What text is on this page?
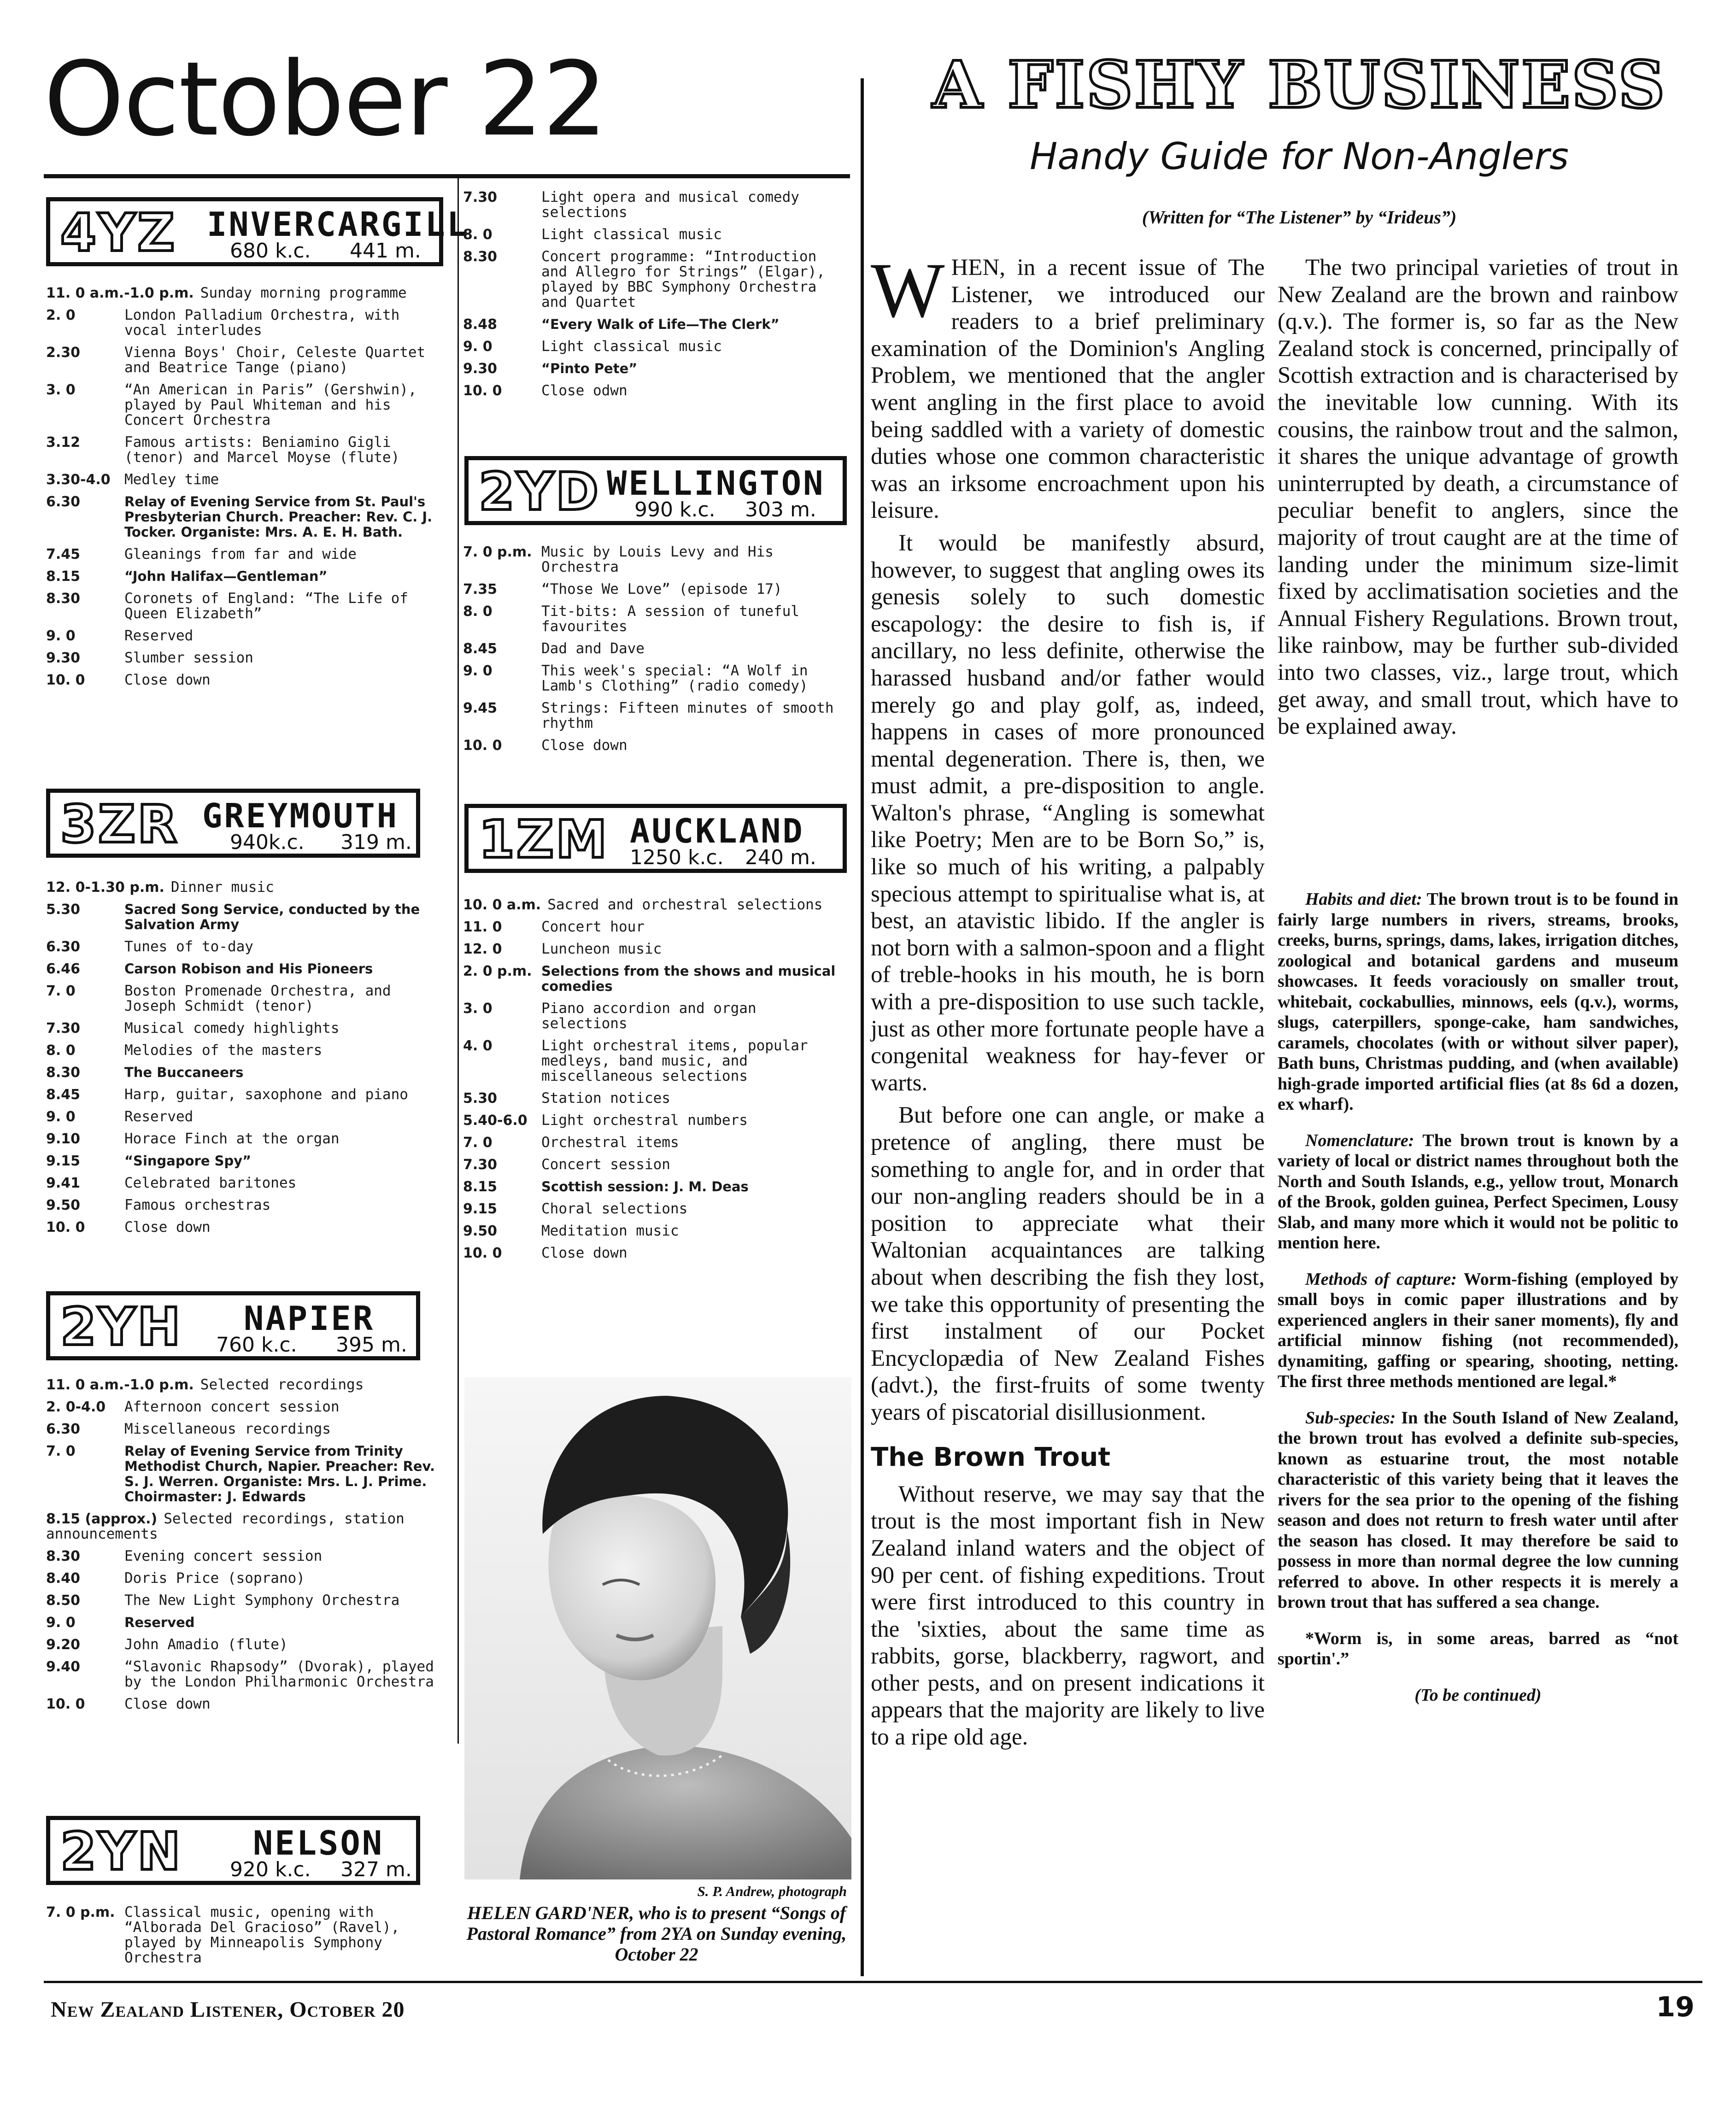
October 22
4YZ INVERCARGILL
680 k.c. 441 m.
11. 0 a.m.-1.0 p.m. Sunday morning programme
2. 0	London Palladium Orchestra, with vocal interludes
2.30	Vienna Boys' Choir, Celeste Quartet and Beatrice Tange (piano)
3. 0	“An American in Paris” (Gershwin), played by Paul Whiteman and his Concert Orchestra
3.12	Famous artists: Beniamino Gigli (tenor) and Marcel Moyse (flute)
3.30-4.0 Medley time
6.30	Relay of Evening Service from St. Paul's Presbyterian Church. Preacher: Rev. C. J. Tocker. Organiste: Mrs. A. E. H. Bath.
7.45	Gleanings from far and wide
8.15	“John Halifax—Gentleman”
8.30	Coronets of England: “The Life of Queen Elizabeth”
9. 0	Reserved
9.30	Slumber session
10. 0	Close down
3ZR GREYMOUTH
940k.c. 319 m.
12. 0-1.30 p.m. Dinner music
5.30	Sacred Song Service, conducted by the Salvation Army
6.30	Tunes of to-day
6.46	Carson Robison and His Pioneers
7. 0	Boston Promenade Orchestra, and Joseph Schmidt (tenor)
7.30	Musical comedy highlights
8. 0	Melodies of the masters
8.30	The Buccaneers
8.45	Harp, guitar, saxophone and piano
9. 0	Reserved
9.10	Horace Finch at the organ
9.15	“Singapore Spy”
9.41	Celebrated baritones
9.50	Famous orchestras
10. 0	Close down
2YH NAPIER
760 k.c. 395 m.
11. 0 a.m.-1.0 p.m. Selected recordings
2. 0-4.0 Afternoon concert session
6.30	Miscellaneous recordings
7. 0	Relay of Evening Service from Trinity Methodist Church, Napier. Preacher: Rev. S. J. Werren. Organiste: Mrs. L. J. Prime. Choirmaster: J. Edwards
8.15 (approx.) Selected recordings, station announcements
8.30	Evening concert session
8.40	Doris Price (soprano)
8.50	The New Light Symphony Orchestra
9. 0	Reserved
9.20	John Amadio (flute)
9.40	“Slavonic Rhapsody” (Dvorak), played by the London Philharmonic Orchestra
10. 0	Close down
2YN NELSON
920 k.c. 327 m.
7. 0 p.m. Classical music, opening with “Alborada Del Gracioso” (Ravel), played by Minneapolis Symphony Orchestra
7.30	Light opera and musical comedy selections
8. 0	Light classical music
8.30	Concert programme: “Introduction and Allegro for Strings” (Elgar), played by BBC Symphony Orchestra and Quartet
8.48	“Every Walk of Life—The Clerk”
9. 0	Light classical music
9.30	“Pinto Pete”
10. 0	Close odwn
2YD WELLINGTON
990 k.c. 303 m.
7. 0 p.m. Music by Louis Levy and His Orchestra
7.35	“Those We Love” (episode 17)
8. 0	Tit-bits: A session of tuneful favourites
8.45	Dad and Dave
9. 0	This week's special: “A Wolf in Lamb's Clothing” (radio comedy)
9.45	Strings: Fifteen minutes of smooth rhythm
10. 0	Close down
1ZM AUCKLAND
1250 k.c. 240 m.
10. 0 a.m. Sacred and orchestral selections
11. 0	Concert hour
12. 0	Luncheon music
2. 0 p.m. Selections from the shows and musical comedies
3. 0	Piano accordion and organ selections
4. 0	Light orchestral items, popular medleys, band music, and miscellaneous selections
5.30	Station notices
5.40-6.0 Light orchestral numbers
7. 0	Orchestral items
7.30	Concert session
8.15	Scottish session: J. M. Deas
9.15	Choral selections
9.50	Meditation music
10. 0	Close down
S. P. Andrew, photograph
HELEN GARD'NER, who is to present “Songs of Pastoral Romance” from 2YA on Sunday evening, October 22
A FISHY BUSINESS
Handy Guide for Non-Anglers
(Written for “The Listener” by “Irideus”)

WHEN, in a recent issue of The Listener, we introduced our readers to a brief preliminary examination of the Dominion's Angling Problem, we mentioned that the angler went angling in the first place to avoid being saddled with a variety of domestic duties whose one common characteristic was an irksome encroachment upon his leisure.

It would be manifestly absurd, however, to suggest that angling owes its genesis solely to such domestic escapology: the desire to fish is, if ancillary, no less definite, otherwise the harassed husband and/or father would merely go and play golf, as, indeed, happens in cases of more pronounced mental degeneration. There is, then, we must admit, a pre-disposition to angle. Walton's phrase, “Angling is somewhat like Poetry; Men are to be Born So,” is, like so much of his writing, a palpably specious attempt to spiritualise what is, at best, an atavistic libido. If the angler is not born with a salmon-spoon and a flight of treble-hooks in his mouth, he is born with a pre-disposition to use such tackle, just as other more fortunate people have a congenital weakness for hay-fever or warts.

But before one can angle, or make a pretence of angling, there must be something to angle for, and in order that our non-angling readers should be in a position to appreciate what their Waltonian acquaintances are talking about when describing the fish they lost, we take this opportunity of presenting the first instalment of our Pocket Encyclopædia of New Zealand Fishes (advt.), the first-fruits of some twenty years of piscatorial disillusionment.

The Brown Trout

Without reserve, we may say that the trout is the most important fish in New Zealand inland waters and the object of 90 per cent. of fishing expeditions. Trout were first introduced to this country in the 'sixties, about the same time as rabbits, gorse, blackberry, ragwort, and other pests, and on present indications it appears that the majority are likely to live to a ripe old age.

The two principal varieties of trout in New Zealand are the brown and rainbow (q.v.). The former is, so far as the New Zealand stock is concerned, principally of Scottish extraction and is characterised by the inevitable low cunning. With its cousins, the rainbow trout and the salmon, it shares the unique advantage of growth uninterrupted by death, a circumstance of peculiar benefit to anglers, since the majority of trout caught are at the time of landing under the minimum size-limit fixed by acclimatisation societies and the Annual Fishery Regulations. Brown trout, like rainbow, may be further sub-divided into two classes, viz., large trout, which get away, and small trout, which have to be explained away.

Habits and diet: The brown trout is to be found in fairly large numbers in rivers, streams, brooks, creeks, burns, springs, dams, lakes, irrigation ditches, zoological and botanical gardens and museum showcases. It feeds voraciously on smaller trout, whitebait, cockabullies, minnows, eels (q.v.), worms, slugs, caterpillers, sponge-cake, ham sandwiches, caramels, chocolates (with or without silver paper), Bath buns, Christmas pudding, and (when available) high-grade imported artificial flies (at 8s 6d a dozen, ex wharf).

Nomenclature: The brown trout is known by a variety of local or district names throughout both the North and South Islands, e.g., yellow trout, Monarch of the Brook, golden guinea, Perfect Specimen, Lousy Slab, and many more which it would not be politic to mention here.

Methods of capture: Worm-fishing (employed by small boys in comic paper illustrations and by experienced anglers in their saner moments), fly and artificial minnow fishing (not recommended), dynamiting, gaffing or spearing, shooting, netting. The first three methods mentioned are legal.*

Sub-species: In the South Island of New Zealand, the brown trout has evolved a definite sub-species, known as estuarine trout, the most notable characteristic of this variety being that it leaves the rivers for the sea prior to the opening of the fishing season and does not return to fresh water until after the season has closed. It may therefore be said to possess in more than normal degree the low cunning referred to above. In other respects it is merely a brown trout that has suffered a sea change.

*Worm is, in some areas, barred as “not sportin'.”

(To be continued)

New Zealand Listener, October 20	19
